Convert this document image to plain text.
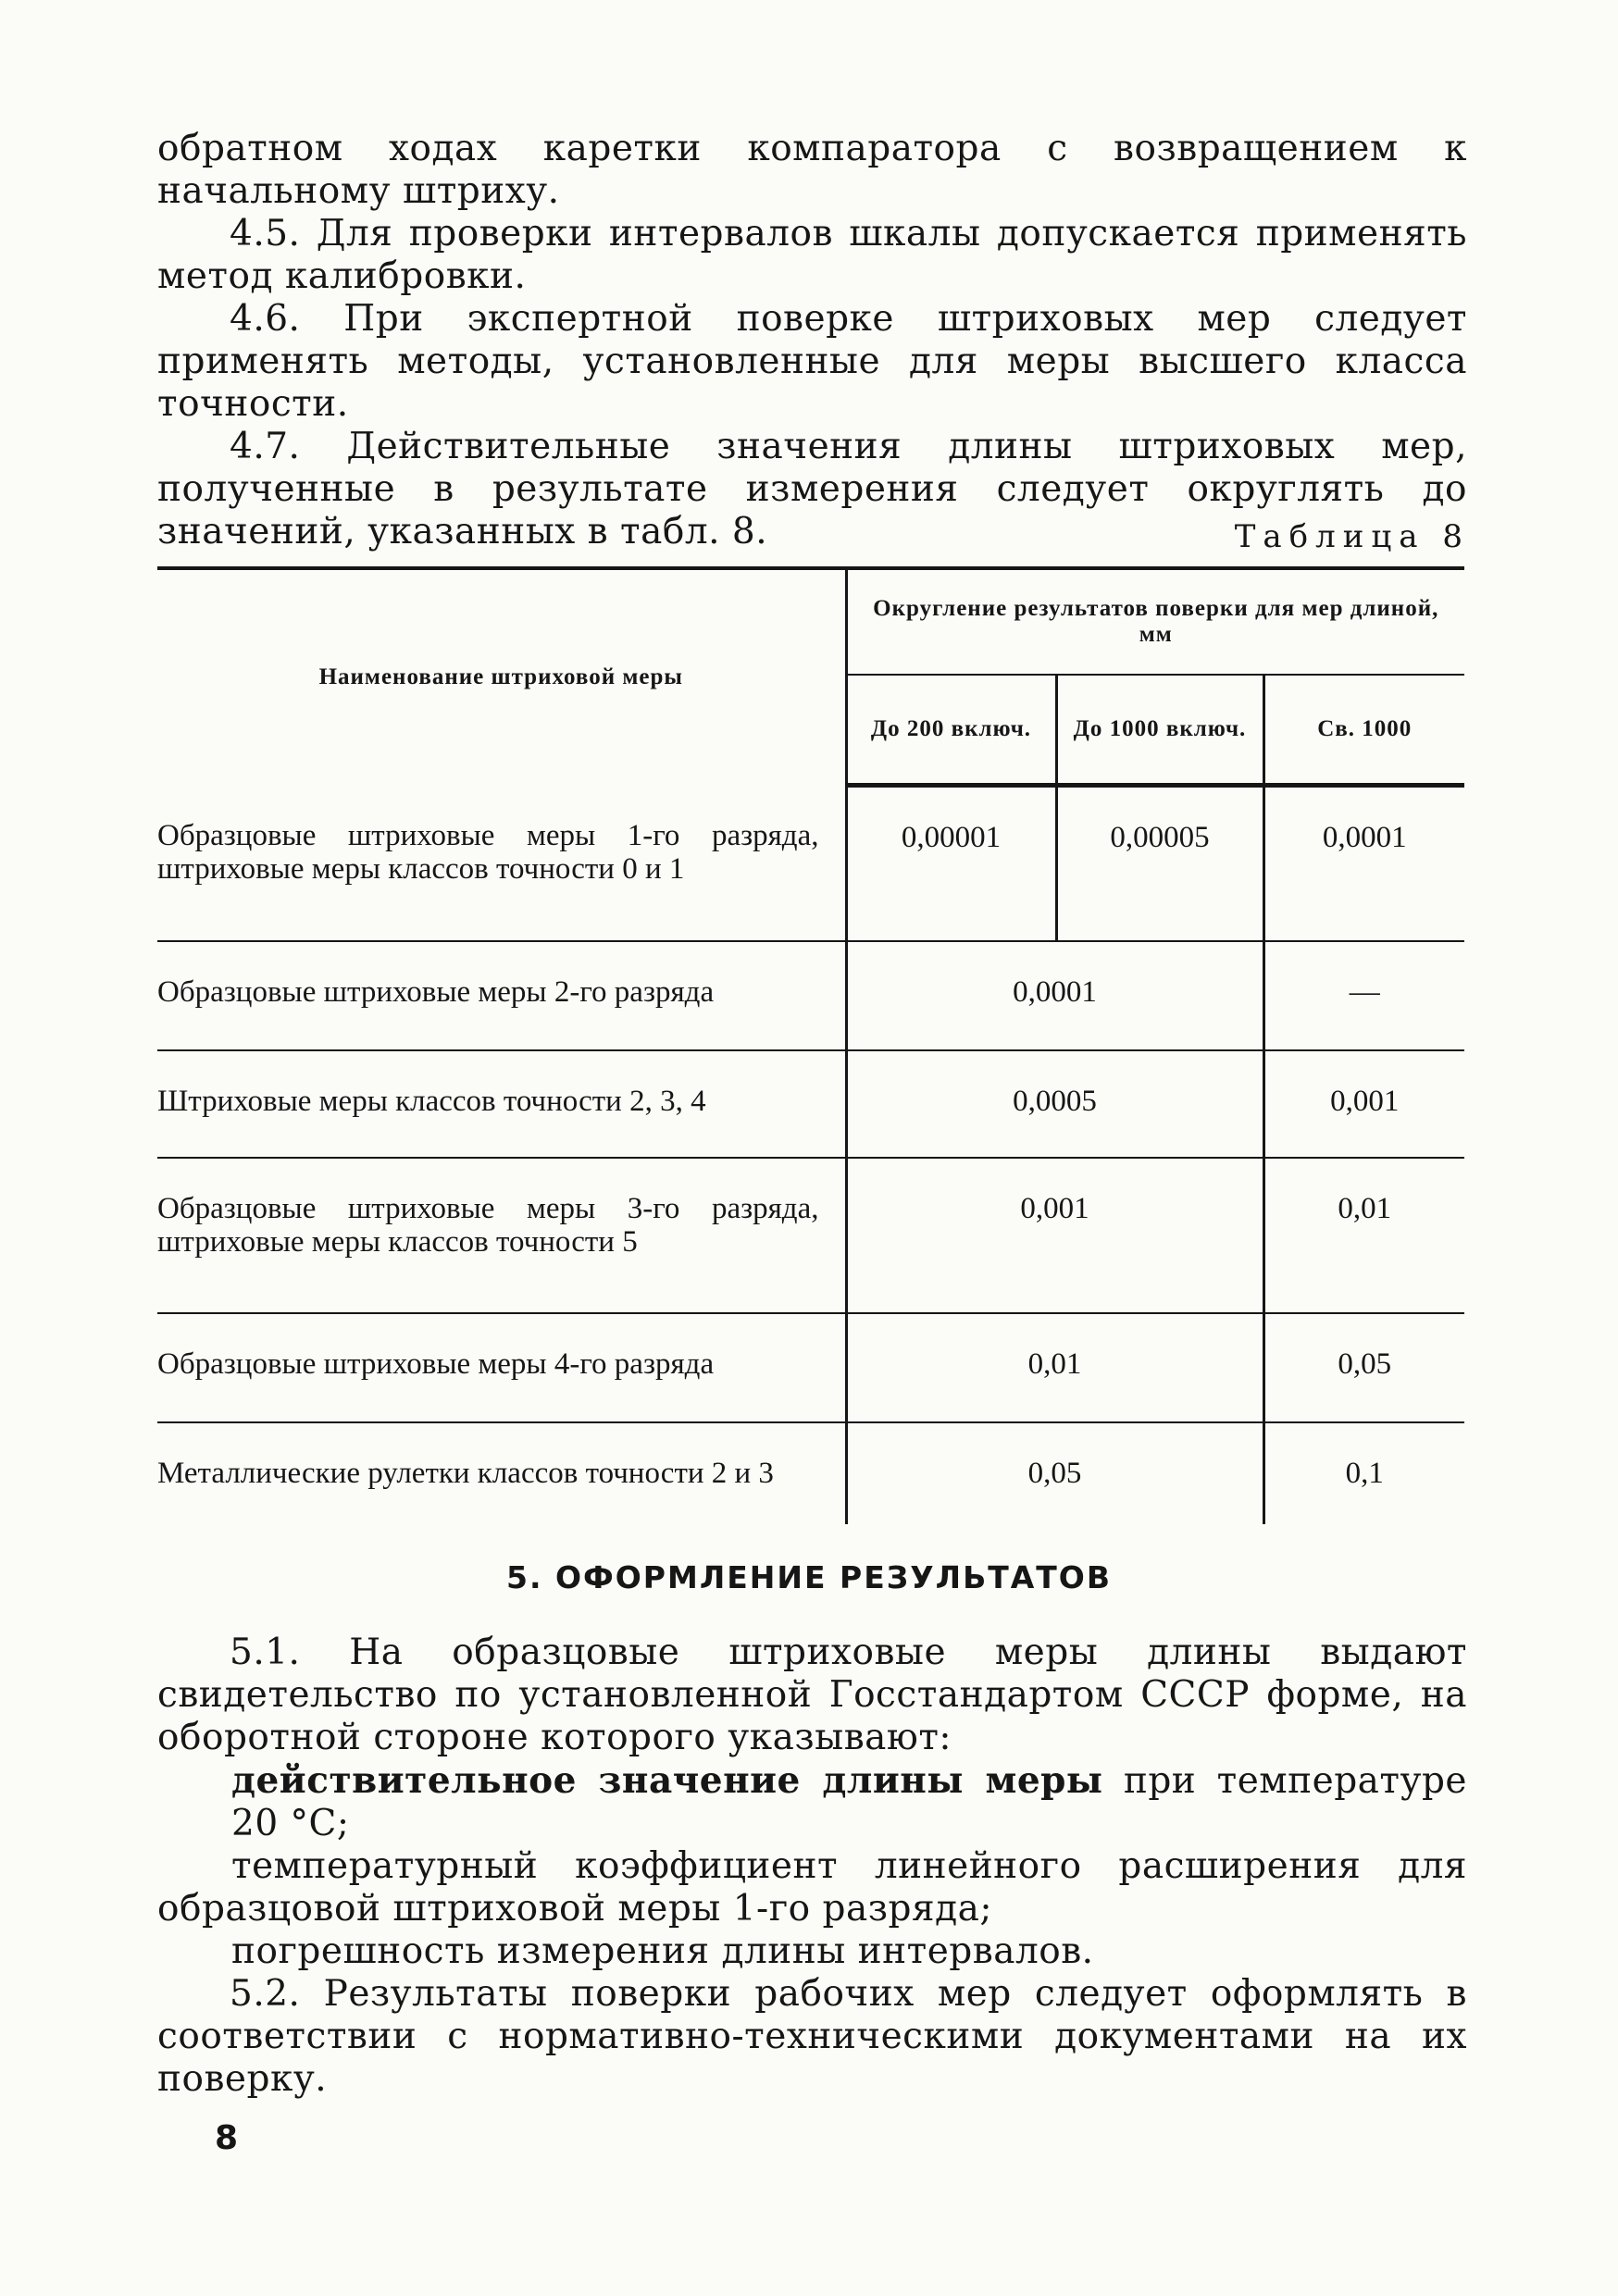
обратном ходах каретки компаратора с возвращением к начальному штриху.

4.5. Для проверки интервалов шкалы допускается применять метод калибровки.

4.6. При экспертной поверке штриховых мер следует применять методы, установленные для меры высшего класса точности.

4.7. Действительные значения длины штриховых мер, полученные в результате измерения следует округлять до значений, указанных в табл. 8.	Таблица 8
Наименование штриховой меры	Округление результатов поверки для мер длиной, мм		
	До 200 включ.	До 1000 включ.	Св. 1000
Образцовые штриховые меры 1-го разряда, штриховые меры классов точности 0 и 1	0,00001	0,00005	0,0001
Образцовые штриховые меры 2-го разряда	0,0001		—
Штриховые меры классов точности 2, 3, 4	0,0005		0,001
Образцовые штриховые меры 3-го разряда, штриховые меры классов точности 5	0,001		0,01
Образцовые штриховые меры 4-го разряда	0,01		0,05
Металлические рулетки классов точности 2 и 3	0,05		0,1
5. ОФОРМЛЕНИЕ РЕЗУЛЬТАТОВ

5.1. На образцовые штриховые меры длины выдают свидетельство по установленной Госстандартом СССР форме, на оборотной стороне которого указывают:

действительное значение длины меры при температуре 20 °С;

температурный коэффициент линейного расширения для образцовой штриховой меры 1-го разряда;

погрешность измерения длины интервалов.

5.2. Результаты поверки рабочих мер следует оформлять в соответствии с нормативно-техническими документами на их поверку.

8
